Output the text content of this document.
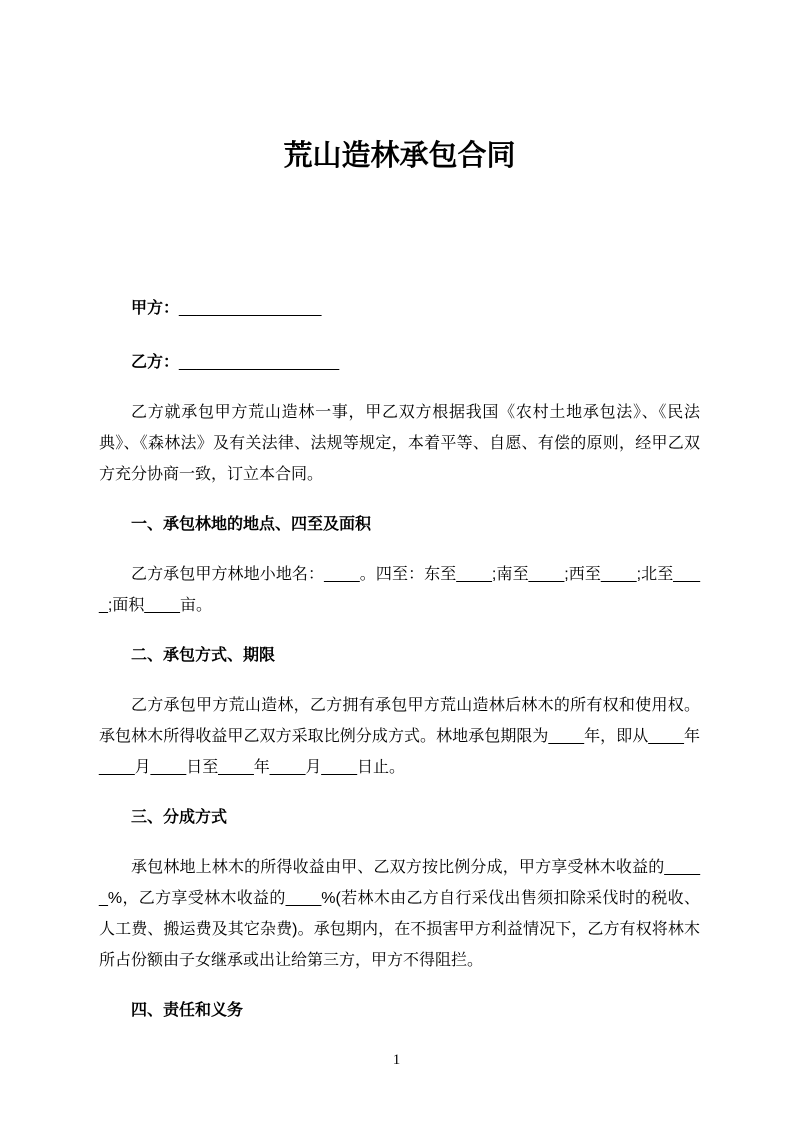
荒山造林承包合同

甲方：________________

乙方：__________________

乙方就承包甲方荒山造林一事，甲乙双方根据我国《农村土地承包法》、《民法典》、《森林法》及有关法律、法规等规定，本着平等、自愿、有偿的原则，经甲乙双方充分协商一致，订立本合同。

一、承包林地的地点、四至及面积

乙方承包甲方林地小地名：____。四至：东至____;南至____;西至____;北至____;面积____亩。

二、承包方式、期限

乙方承包甲方荒山造林，乙方拥有承包甲方荒山造林后林木的所有权和使用权。承包林木所得收益甲乙双方采取比例分成方式。林地承包期限为____年，即从____年____月____日至____年____月____日止。

三、分成方式

承包林地上林木的所得收益由甲、乙双方按比例分成，甲方享受林木收益的_____%，乙方享受林木收益的____%(若林木由乙方自行采伐出售须扣除采伐时的税收、人工费、搬运费及其它杂费)。承包期内，在不损害甲方利益情况下，乙方有权将林木所占份额由子女继承或出让给第三方，甲方不得阻拦。

四、责任和义务
1
